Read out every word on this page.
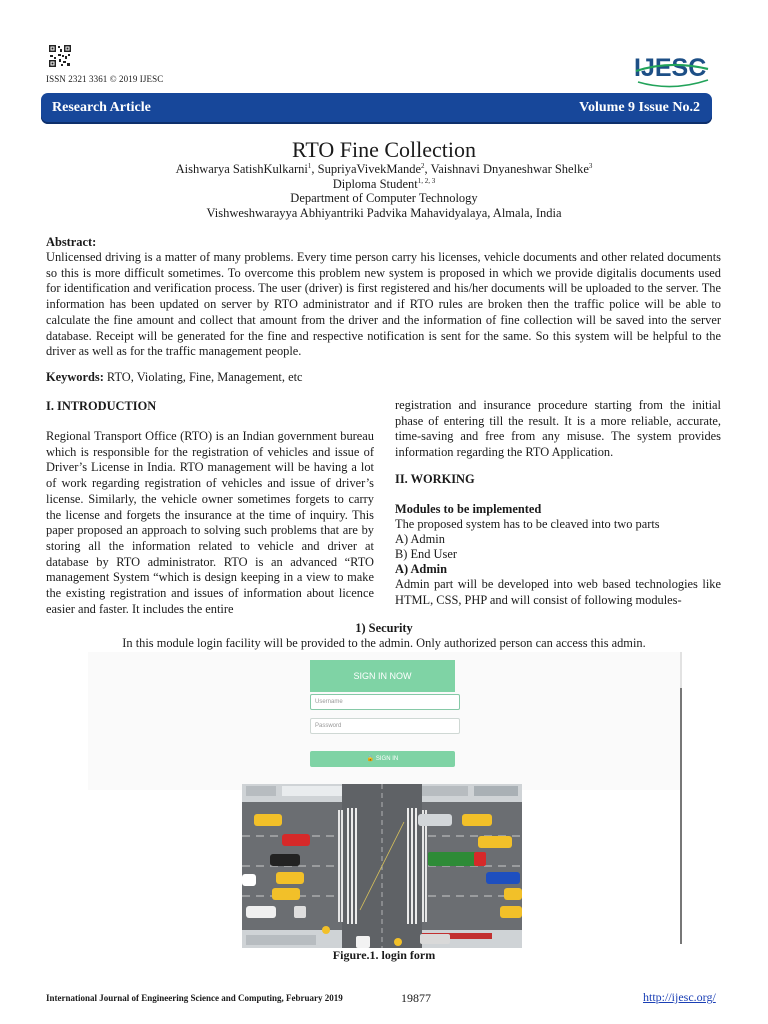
ISSN 2321 3361 © 2019 IJESC	IJESC
Research Article	Volume 9 Issue No.2
RTO Fine Collection
Aishwarya SatishKulkarni$^1$, SupriyaVivekMande$^2$, Vaishnavi Dnyaneshwar Shelke$^3$
Diploma Student$^{1, 2, 3}$
Department of Computer Technology
Vishweshwarayya Abhiyantriki Padvika Mahavidyalaya, Almala, India
Abstract:
Unlicensed driving is a matter of many problems. Every time person carry his licenses, vehicle documents and other related documents so this is more difficult sometimes. To overcome this problem new system is proposed in which we provide digitalis documents used for identification and verification process. The user (driver) is first registered and his/her documents will be uploaded to the server. The information has been updated on server by RTO administrator and if RTO rules are broken then the traffic police will be able to calculate the fine amount and collect that amount from the driver and the information of fine collection will be saved into the server database. Receipt will be generated for the fine and respective notification is sent for the same. So this system will be helpful to the driver as well as for the traffic management people.
Keywords: RTO, Violating, Fine, Management, etc
I. INTRODUCTION
Regional Transport Office (RTO) is an Indian government bureau which is responsible for the registration of vehicles and issue of Driver’s License in India. RTO management will be having a lot of work regarding registration of vehicles and issue of driver’s license. Similarly, the vehicle owner sometimes forgets to carry the license and forgets the insurance at the time of inquiry. This paper proposed an approach to solving such problems that are by storing all the information related to vehicle and driver at database by RTO administrator. RTO is an advanced “RTO management System “which is design keeping in a view to make the existing registration and issues of information about licence easier and faster. It includes the entire
registration and insurance procedure starting from the initial phase of entering till the result. It is a more reliable, accurate, time-saving and free from any misuse. The system provides information regarding the RTO Application.
II. WORKING
Modules to be implemented
The proposed system has to be cleaved into two parts
A) Admin
B) End User
A) Admin
Admin part will be developed into web based technologies like HTML, CSS, PHP and will consist of following modules-
1) Security
In this module login facility will be provided to the admin. Only authorized person can access this admin.
SIGN IN NOW
Username
Password
🔒 SIGN IN
Figure.1. login form
International Journal of Engineering Science and Computing, February 2019	19877	http://ijesc.org/
